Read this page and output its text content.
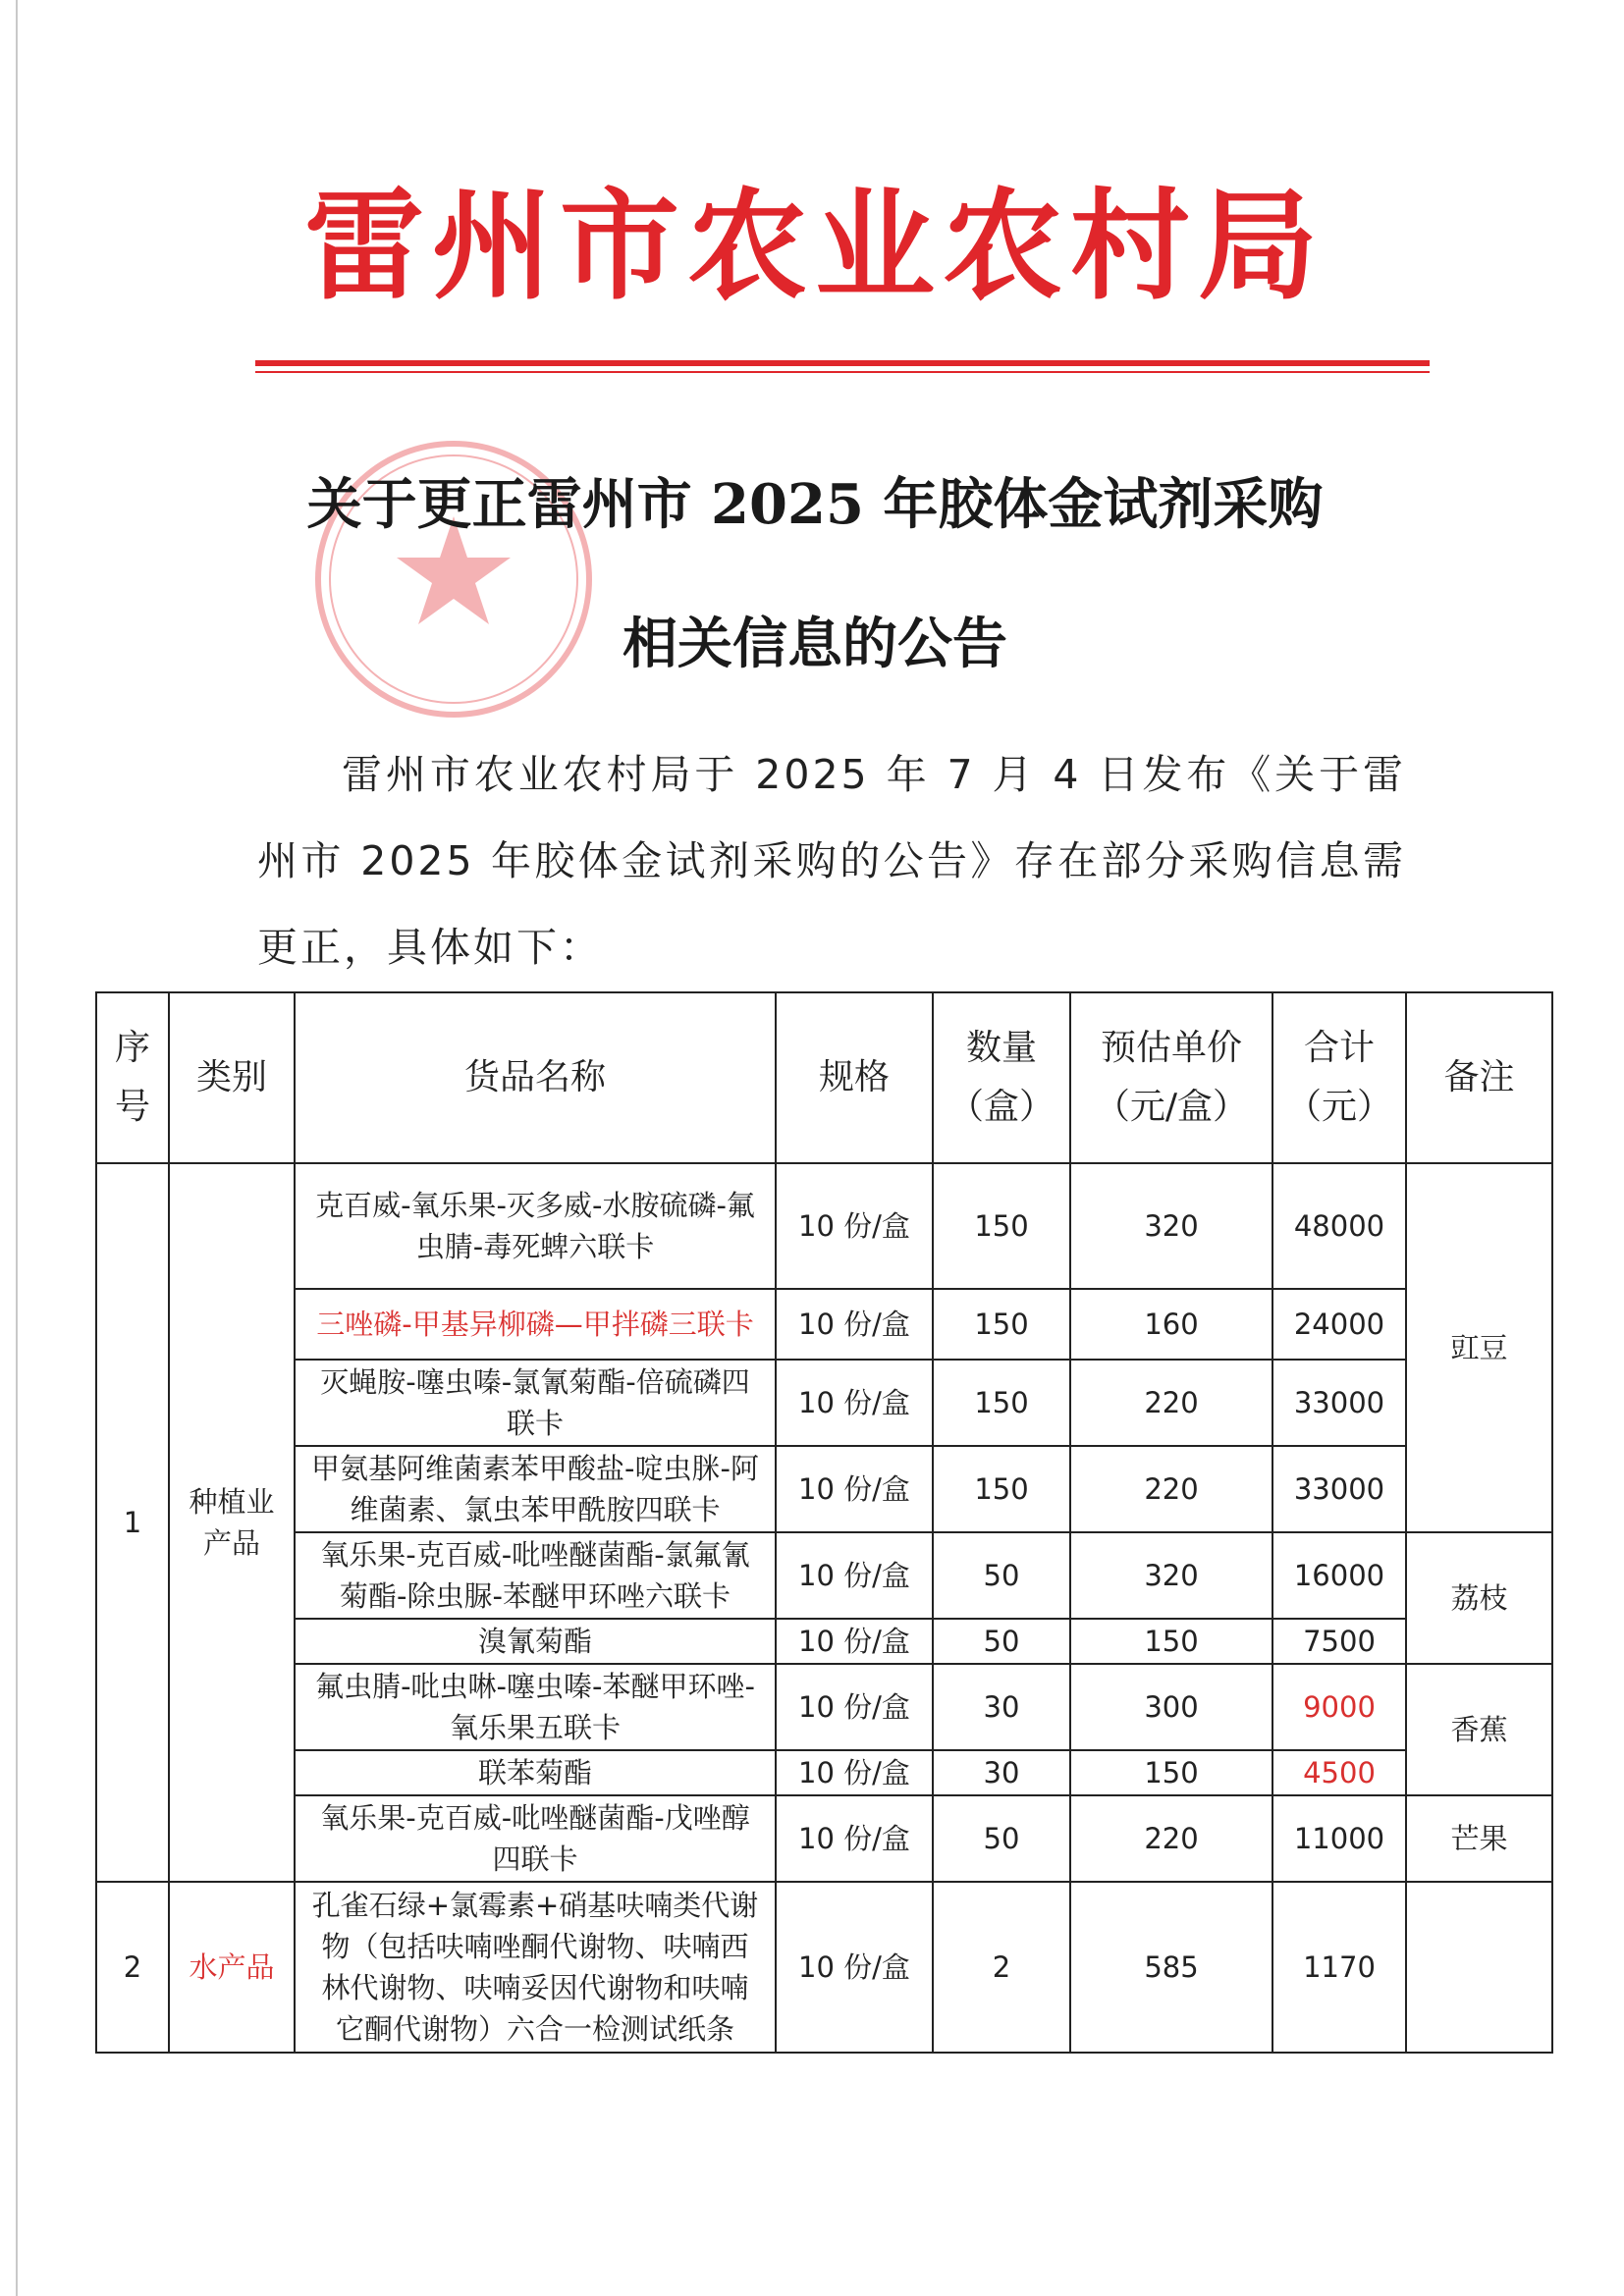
雷州市农业农村局
关于更正雷州市 2025 年胶体金试剂采购
相关信息的公告

雷州市农业农村局于 2025 年 7 月 4 日发布《关于雷州市 2025 年胶体金试剂采购的公告》存在部分采购信息需更正，具体如下：

序号	类别	货品名称	规格	数量（盒）	预估单价（元/盒）	合计（元）	备注
1	种植业产品	克百威-氧乐果-灭多威-水胺硫磷-氟虫腈-毒死蜱六联卡	10 份/盒	150	320	48000	豇豆
		三唑磷-甲基异柳磷—甲拌磷三联卡	10 份/盒	150	160	24000	
		灭蝇胺-噻虫嗪-氯氰菊酯-倍硫磷四联卡	10 份/盒	150	220	33000	
		甲氨基阿维菌素苯甲酸盐-啶虫脒-阿维菌素、氯虫苯甲酰胺四联卡	10 份/盒	150	220	33000	
		氧乐果-克百威-吡唑醚菌酯-氯氟氰菊酯-除虫脲-苯醚甲环唑六联卡	10 份/盒	50	320	16000	荔枝
		溴氰菊酯	10 份/盒	50	150	7500	
		氟虫腈-吡虫啉-噻虫嗪-苯醚甲环唑-氧乐果五联卡	10 份/盒	30	300	9000	香蕉
		联苯菊酯	10 份/盒	30	150	4500	
		氧乐果-克百威-吡唑醚菌酯-戊唑醇四联卡	10 份/盒	50	220	11000	芒果
2	水产品	孔雀石绿+氯霉素+硝基呋喃类代谢物（包括呋喃唑酮代谢物、呋喃西林代谢物、呋喃妥因代谢物和呋喃它酮代谢物）六合一检测试纸条	10 份/盒	2	585	1170	
